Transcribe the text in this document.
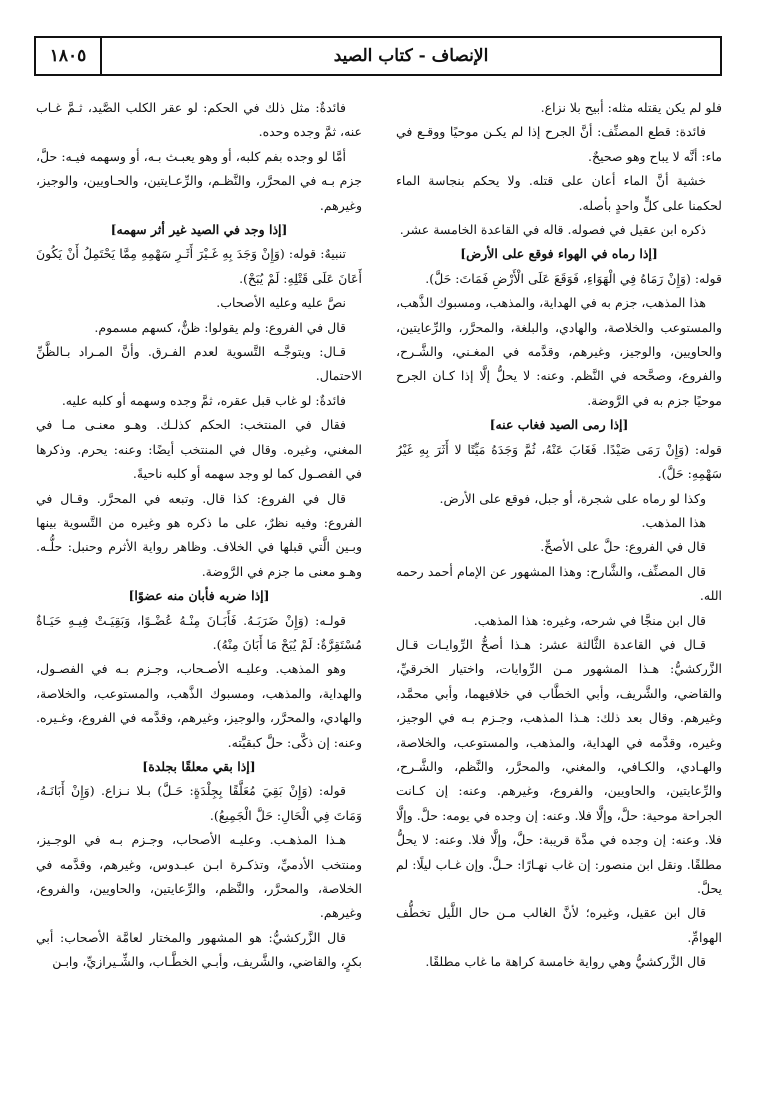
١٨٠٥	الإنصاف - كتاب الصيد

فلو لم يكن يقتله مثله: أبيح بلا نزاع.

فائدة: قطع المصنِّف: أنَّ الجرح إذا لم يكـن موحيًا ووقـع في ماء: أنَّه لا يباح وهو صحيحٌ.

خشية أنَّ الماء أعان على قتله. ولا يحكم بنجاسة الماء لحكمنا على كلٍّ واحدٍ بأصله.

ذكره ابن عقيل في فصوله. قاله في القاعدة الخامسة عشر.

[إذا رماه في الهواء فوقع على الأرض]

قوله: (وَإِنْ رَمَاهُ فِي الْهَوَاءِ، فَوَقَعَ عَلَى الْأَرْضِ فَمَاتَ: حَلَّ).

هذا المذهب، جزم به في الهداية، والمذهب، ومسبوك الذَّهب، والمستوعب والخلاصة، والهادي، والبلغة، والمحرَّر، والرِّعايتين، والحاويين، والوجيز، وغيرهم، وقدَّمه في المغـني، والشَّـرح، والفروع، وصحَّحه في النَّظم. وعنه: لا يحلُّ إلَّا إذا كـان الجرح موحيًا جزم به في الرَّوضة.

[إذا رمى الصيد فغاب عنه]

قوله: (وَإِنْ رَمَى صَيْدًا. فَغَابَ عَنْهُ، ثُمَّ وَجَدَهُ مَيِّتًا لا أَثَرَ بِهِ غَيْرُ سَهْمِهِ: حَلَّ).

وكذا لو رماه على شجرة، أو جبل، فوقع على الأرض.

هذا المذهب.

قال في الفروع: حلَّ على الأصحِّ.

قال المصنِّف، والشَّارح: وهذا المشهور عن الإمام أحمد رحمه الله.

قال ابن منجَّا في شرحه، وغيره: هذا المذهب.

قـال في القاعدة الثَّالثة عشر: هـذا أصحُّ الرِّوايـات قـال الزَّركشيُّ: هـذا المشهور مـن الرِّوايات، واختيار الخرقيِّ، والقاضي، والشَّريف، وأبي الخطَّاب في خلافيهما، وأبي محمَّد، وغيرهم. وقال بعد ذلك: هـذا المذهب، وجـزم بـه في الوجيز، وغيره، وقدَّمه في الهداية، والمذهب، والمستوعب، والخلاصة، والهـادي، والكـافي، والمغني، والمحرَّر، والنَّظم، والشَّـرح، والرِّعايتين، والحاويين، والفروع، وغيرهم. وعنه: إن كـانت الجراحة موحية: حلَّ، وإلَّا فلا. وعنه: إن وجده في يومه: حلَّ. وإلَّا فلا. وعنه: إن وجده في مدَّة قريبة: حلَّ، وإلَّا فلا. وعنه: لا يحلُّ مطلقًا. ونقل ابن منصور: إن غاب نهـارًا: حـلَّ. وإن غـاب ليلًا: لم يحلَّ.

قال ابن عقيل، وغيره؛ لأنَّ الغالب مـن حال اللَّيل تخطُّف الهوامِّ.

قال الزَّركشيُّ وهي رواية خامسة كراهة ما غاب مطلقًا.

فائدةٌ: مثل ذلك في الحكم: لو عقر الكلب الصَّيد، ثـمَّ غـاب عنه، ثمَّ وجده وحده.

أمَّا لو وجده بفم كلبه، أو وهو يعبـث بـه، أو وسهمه فيـه: حلَّ، جزم بـه في المحرَّر، والنَّظـم، والرِّعـايتين، والحـاويين، والوجيز، وغيرهم.

[إذا وجد في الصيد غير أثر سهمه]

تنبيهٌ: قوله: (وَإِنْ وَجَدَ بِهِ غَـيْرَ أَثَـرِ سَهْمِهِ مِمَّا يَحْتَمِلُ أَنْ يَكُونَ أَعَانَ عَلَى قَتْلِهِ: لَمْ يُبَحْ).

نصَّ عليه وعليه الأصحاب.

قال في الفروع: ولم يقولوا: ظنٌّ، كسهم مسموم.

قـال: ويتوجَّـه التَّسوية لعدم الفـرق. وأنَّ المـراد بـالظَّنِّ الاحتمال.

فائدةٌ: لو غاب قبل عقره، ثمَّ وجده وسهمه أو كلبه عليه.

فقال في المنتخب: الحكم كذلـك. وهـو معنـى مـا في المغني، وغيره. وقال في المنتخب أيضًا: وعنه: يحرم. وذكرها في الفصـول كما لو وجد سهمه أو كلبه ناحيةً.

قال في الفروع: كذا قال. وتبعه في المحرَّر. وقـال في الفروع: وفيه نظرٌ، على ما ذكره هو وغيره من التَّسوية بينها وبـين الَّتي قبلها في الخلاف. وظاهر رواية الأثرم وحنبل: حلُّـه. وهـو معنى ما جزم في الرَّوضة.

[إذا ضربه فأبان منه عضوًا]

قولـه: (وَإِنْ ضَرَبَـهُ. فَأَبَـانَ مِنْـهُ عُضْـوًا، وَبَقِيَـتْ فِيـهِ حَيَـاةٌ مُسْتَقِرَّةٌ: لَمْ يُبَحْ مَا أَبَانَ مِنْهُ).

وهو المذهب. وعليـه الأصـحاب، وجـزم بـه في الفصـول، والهداية، والمذهب، ومسبوك الذَّهب، والمستوعب، والخلاصة، والهادي، والمحرَّر، والوجيز، وغيرهم، وقدَّمه في الفروع، وغـيره. وعنه: إن ذكَّى: حلَّ كبقيَّته.

[إذا بقي معلقًا بجلدة]

قوله: (وَإِنْ بَقِيَ مُعَلَّقًا بِجِلْدَةٍ: حَـلَّ) بـلا نـزاع. (وَإِنْ أَبَانَـهُ، وَمَاتَ فِي الْحَالِ: حَلَّ الْجَمِيعُ).

هـذا المذهـب. وعليـه الأصحاب، وجـزم بـه في الوجـيز، ومنتخب الأدميِّ، وتذكـرة ابـن عبـدوس، وغيرهم، وقدَّمه في الخلاصة، والمحرَّر، والنَّظم، والرِّعايتين، والحاويين، والفروع، وغيرهم.

قال الزَّركشيُّ: هو المشهور والمختار لعامَّة الأصحاب: أبي بكرٍ، والقاضي، والشَّريف، وأبـي الخطَّـاب، والشِّـيرازيِّ، وابـن
